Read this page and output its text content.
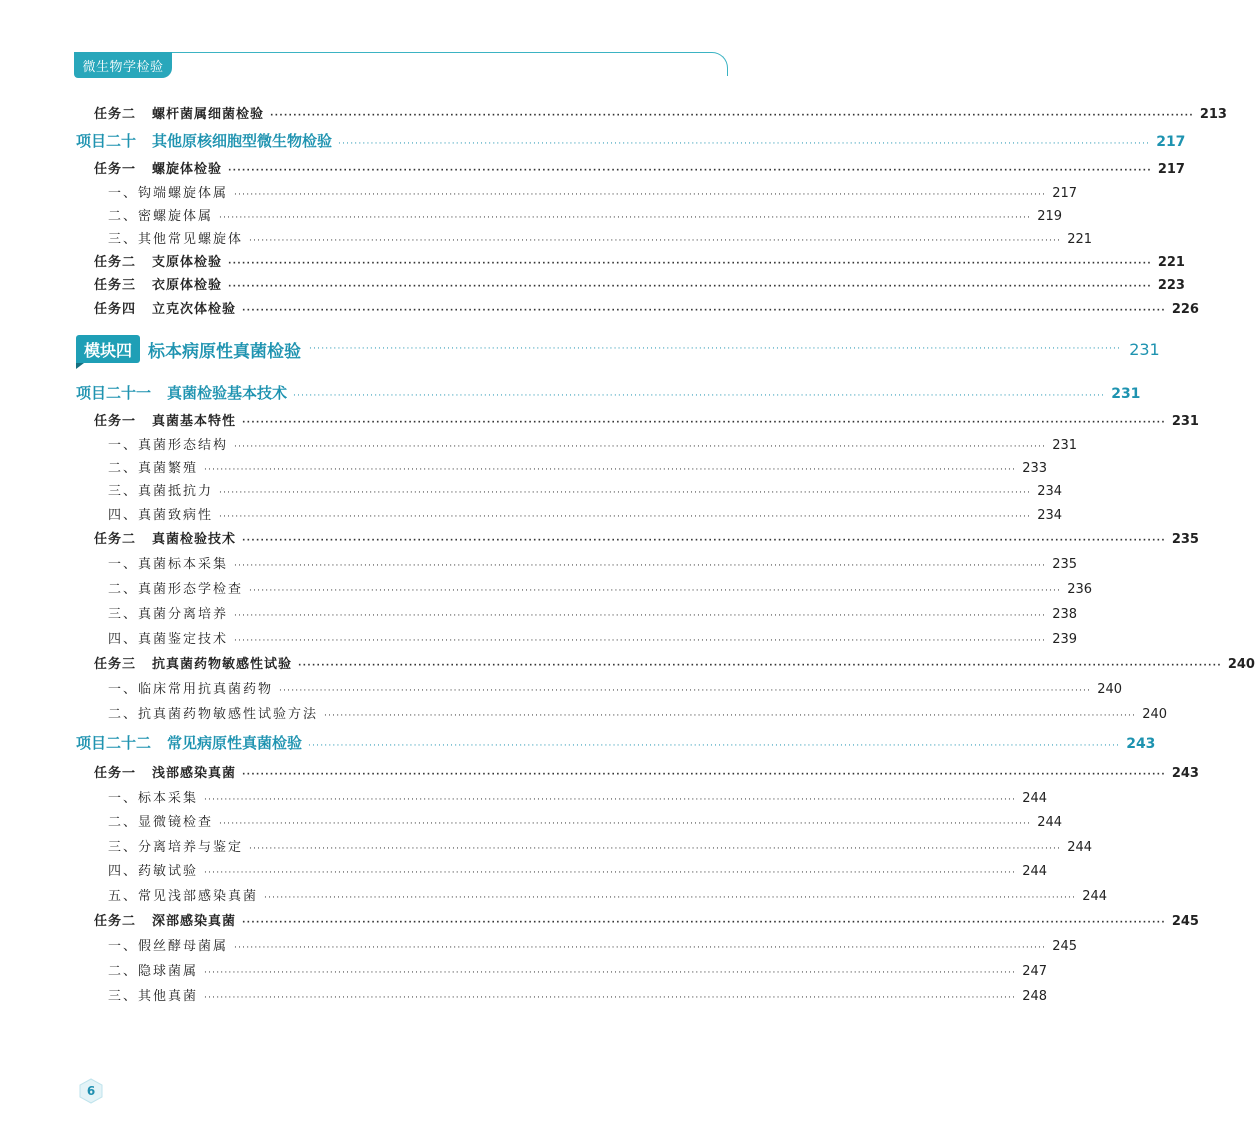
微生物学检验
任务二 螺杆菌属细菌检验 ········································································································································································································ 213
项目二十 其他原核细胞型微生物检验 ········································································································································································································ 217
任务一 螺旋体检验 ········································································································································································································ 217
一、钩端螺旋体属 ········································································································································································································ 217
二、密螺旋体属 ········································································································································································································ 219
三、其他常见螺旋体 ········································································································································································································ 221
任务二 支原体检验 ········································································································································································································ 221
任务三 衣原体检验 ········································································································································································································ 223
任务四 立克次体检验 ········································································································································································································ 226
项目二十一 真菌检验基本技术 ········································································································································································································ 231
任务一 真菌基本特性 ········································································································································································································ 231
一、真菌形态结构 ········································································································································································································ 231
二、真菌繁殖 ········································································································································································································ 233
三、真菌抵抗力 ········································································································································································································ 234
四、真菌致病性 ········································································································································································································ 234
任务二 真菌检验技术 ········································································································································································································ 235
一、真菌标本采集 ········································································································································································································ 235
二、真菌形态学检查 ········································································································································································································ 236
三、真菌分离培养 ········································································································································································································ 238
四、真菌鉴定技术 ········································································································································································································ 239
任务三 抗真菌药物敏感性试验 ········································································································································································································ 240
一、临床常用抗真菌药物 ········································································································································································································ 240
二、抗真菌药物敏感性试验方法 ········································································································································································································ 240
项目二十二 常见病原性真菌检验 ········································································································································································································ 243
任务一 浅部感染真菌 ········································································································································································································ 243
一、标本采集 ········································································································································································································ 244
二、显微镜检查 ········································································································································································································ 244
三、分离培养与鉴定 ········································································································································································································ 244
四、药敏试验 ········································································································································································································ 244
五、常见浅部感染真菌 ········································································································································································································ 244
任务二 深部感染真菌 ········································································································································································································ 245
一、假丝酵母菌属 ········································································································································································································ 245
二、隐球菌属 ········································································································································································································ 247
三、其他真菌 ········································································································································································································ 248
模块四 标本病原性真菌检验 ········································································································································································································ 231
6
